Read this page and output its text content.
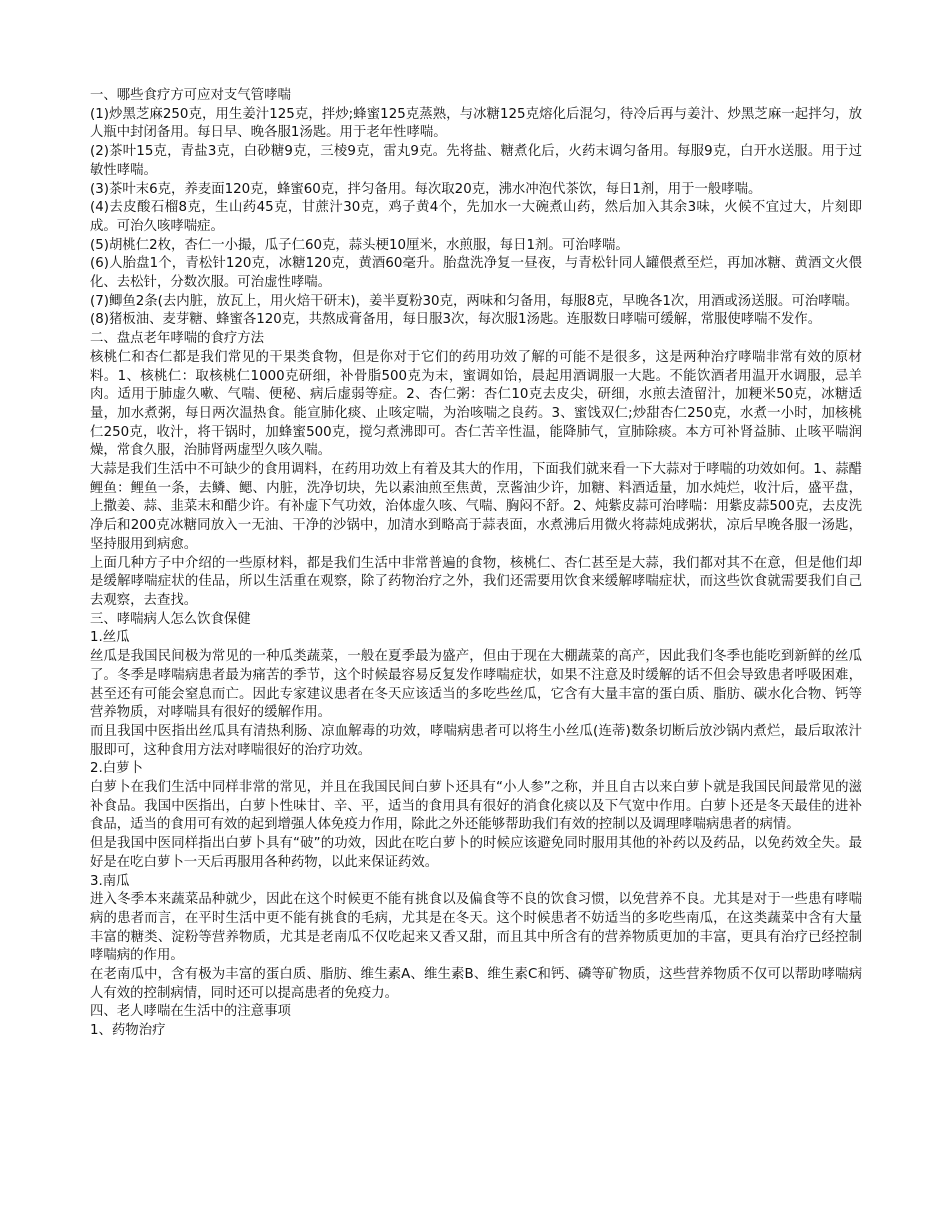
一、哪些食疗方可应对支气管哮喘

(1)炒黑芝麻250克，用生姜汁125克，拌炒;蜂蜜125克蒸熟，与冰糖125克熔化后混匀，待冷后再与姜汁、炒黑芝麻一起拌匀，放人瓶中封闭备用。每日早、晚各服1汤匙。用于老年性哮喘。

(2)茶叶15克，青盐3克，白砂糖9克，三棱9克，雷丸9克。先将盐、糖煮化后，火药末调匀备用。每服9克，白开水送服。用于过敏性哮喘。

(3)茶叶末6克，养麦面120克，蜂蜜60克，拌匀备用。每次取20克，沸水冲泡代茶饮，每日1剂，用于一般哮喘。

(4)去皮酸石榴8克，生山药45克，甘蔗汁30克，鸡子黄4个，先加水一大碗煮山药，然后加入其余3味，火候不宜过大，片刻即成。可治久咳哮喘症。

(5)胡桃仁2枚，杏仁一小撮，瓜子仁60克，蒜头梗10厘米，水煎服，每日1剂。可治哮喘。

(6)人胎盘1个，青松针120克，冰糖120克，黄酒60毫升。胎盘洗净复一昼夜，与青松针同人罐偎煮至烂，再加冰糖、黄酒文火偎化、去松针，分数次服。可治虚性哮喘。

(7)鲫鱼2条(去内脏，放瓦上，用火焙干研末)，姜半夏粉30克，两味和匀备用，每服8克，早晚各1次，用酒或汤送服。可治哮喘。

(8)猪板油、麦芽糖、蜂蜜各120克，共熬成膏备用，每日服3次，每次服1汤匙。连服数日哮喘可缓解，常服使哮喘不发作。

二、盘点老年哮喘的食疗方法

核桃仁和杏仁都是我们常见的干果类食物，但是你对于它们的药用功效了解的可能不是很多，这是两种治疗哮喘非常有效的原材料。1、核桃仁：取核桃仁1000克研细，补骨脂500克为末，蜜调如饴，晨起用酒调服一大匙。不能饮酒者用温开水调服，忌羊肉。适用于肺虚久嗽、气喘、便秘、病后虚弱等症。2、杏仁粥：杏仁10克去皮尖，研细，水煎去渣留汁，加粳米50克，冰糖适量，加水煮粥，每日两次温热食。能宣肺化痰、止咳定喘，为治咳喘之良药。3、蜜饯双仁;炒甜杏仁250克，水煮一小时，加核桃仁250克，收汁，将干锅时，加蜂蜜500克，搅匀煮沸即可。杏仁苦辛性温，能降肺气，宣肺除痰。本方可补肾益肺、止咳平喘润燥，常食久服，治肺肾两虚型久咳久喘。

大蒜是我们生活中不可缺少的食用调料，在药用功效上有着及其大的作用，下面我们就来看一下大蒜对于哮喘的功效如何。1、蒜醋鲤鱼：鲤鱼一条，去鳞、鳃、内脏，洗净切块，先以素油煎至焦黄，烹酱油少许，加糖、料酒适量，加水炖烂，收汁后，盛平盘，上撒姜、蒜、韭菜末和醋少许。有补虚下气功效，治体虚久咳、气喘、胸闷不舒。2、炖紫皮蒜可治哮喘：用紫皮蒜500克，去皮洗净后和200克冰糖同放入一无油、干净的沙锅中，加清水到略高于蒜表面，水煮沸后用微火将蒜炖成粥状，凉后早晚各服一汤匙，坚持服用到病愈。

上面几种方子中介绍的一些原材料，都是我们生活中非常普遍的食物，核桃仁、杏仁甚至是大蒜，我们都对其不在意，但是他们却是缓解哮喘症状的佳品，所以生活重在观察，除了药物治疗之外，我们还需要用饮食来缓解哮喘症状，而这些饮食就需要我们自己去观察，去查找。

三、哮喘病人怎么饮食保健

1.丝瓜

丝瓜是我国民间极为常见的一种瓜类蔬菜，一般在夏季最为盛产，但由于现在大棚蔬菜的高产，因此我们冬季也能吃到新鲜的丝瓜了。冬季是哮喘病患者最为痛苦的季节，这个时候最容易反复发作哮喘症状，如果不注意及时缓解的话不但会导致患者呼吸困难，甚至还有可能会窒息而亡。因此专家建议患者在冬天应该适当的多吃些丝瓜，它含有大量丰富的蛋白质、脂肪、碳水化合物、钙等营养物质，对哮喘具有很好的缓解作用。

而且我国中医指出丝瓜具有清热利肠、凉血解毒的功效，哮喘病患者可以将生小丝瓜(连蒂)数条切断后放沙锅内煮烂，最后取浓汁服即可，这种食用方法对哮喘很好的治疗功效。

2.白萝卜

白萝卜在我们生活中同样非常的常见，并且在我国民间白萝卜还具有“小人参”之称，并且自古以来白萝卜就是我国民间最常见的滋补食品。我国中医指出，白萝卜性味甘、辛、平，适当的食用具有很好的消食化痰以及下气宽中作用。白萝卜还是冬天最佳的进补食品，适当的食用可有效的起到增强人体免疫力作用，除此之外还能够帮助我们有效的控制以及调理哮喘病患者的病情。

但是我国中医同样指出白萝卜具有“破”的功效，因此在吃白萝卜的时候应该避免同时服用其他的补药以及药品，以免药效全失。最好是在吃白萝卜一天后再服用各种药物，以此来保证药效。

3.南瓜

进入冬季本来蔬菜品种就少，因此在这个时候更不能有挑食以及偏食等不良的饮食习惯，以免营养不良。尤其是对于一些患有哮喘病的患者而言，在平时生活中更不能有挑食的毛病，尤其是在冬天。这个时候患者不妨适当的多吃些南瓜，在这类蔬菜中含有大量丰富的糖类、淀粉等营养物质，尤其是老南瓜不仅吃起来又香又甜，而且其中所含有的营养物质更加的丰富，更具有治疗已经控制哮喘病的作用。

在老南瓜中，含有极为丰富的蛋白质、脂肪、维生素A、维生素B、维生素C和钙、磷等矿物质，这些营养物质不仅可以帮助哮喘病人有效的控制病情，同时还可以提高患者的免疫力。

四、老人哮喘在生活中的注意事项

1、药物治疗
